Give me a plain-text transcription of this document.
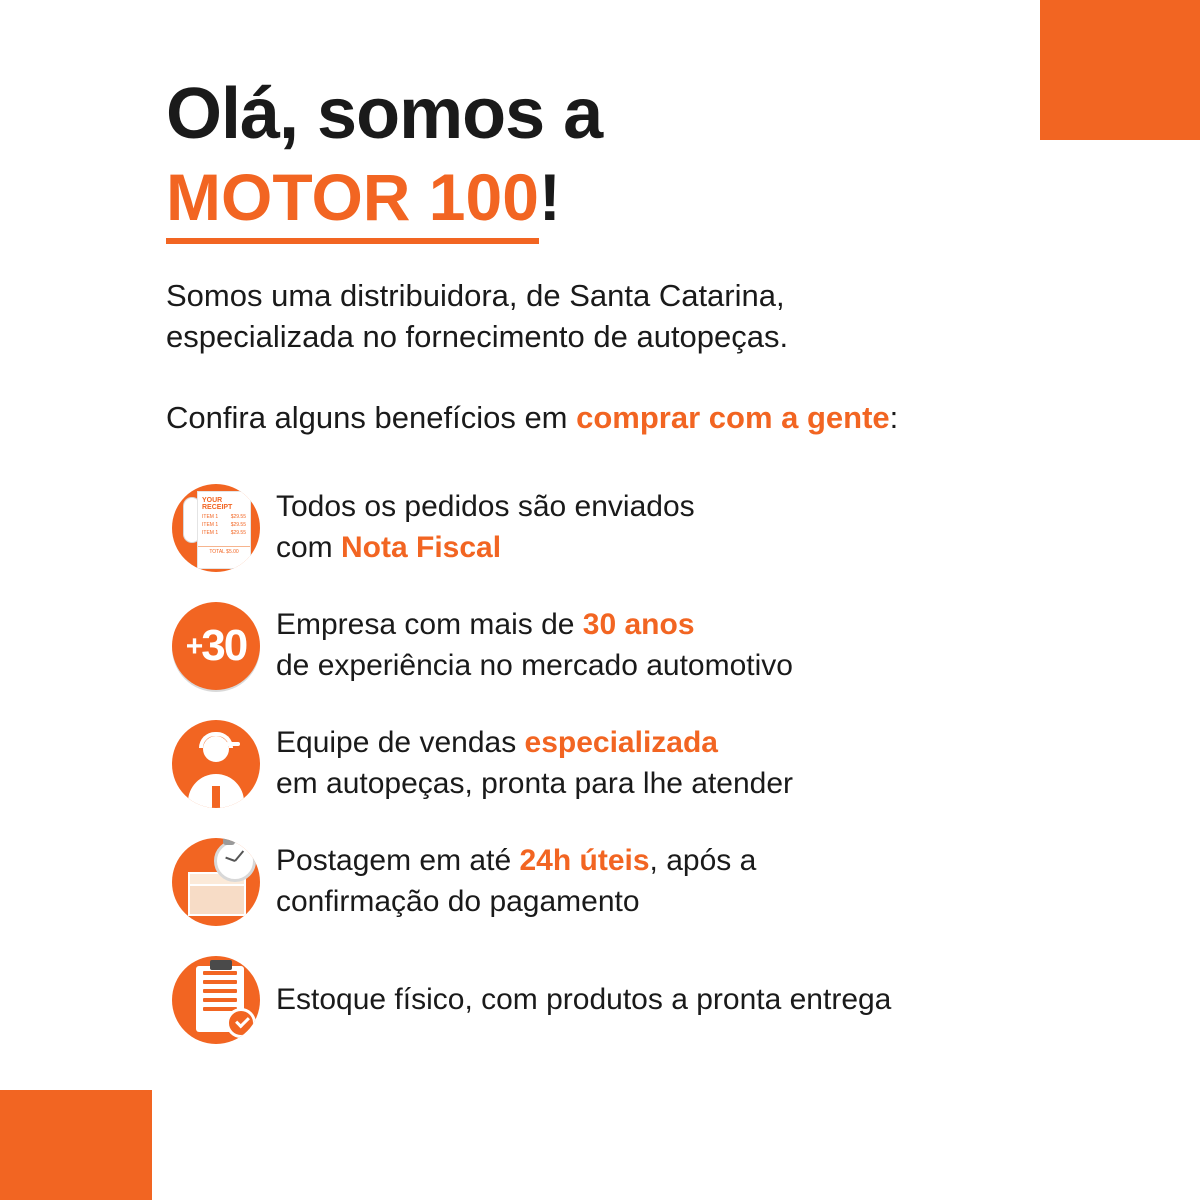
Olá, somos a
MOTOR 100!

Somos uma distribuidora, de Santa Catarina,
especializada no fornecimento de autopeças.

Confira alguns benefícios em comprar com a gente:

YOUR RECEIPT
ITEM 1	$29.55
ITEM 1	$29.55
ITEM 1	$29.55
TOTAL $5.00
Todos os pedidos são enviados
com Nota Fiscal
+30 Empresa com mais de 30 anos
de experiência no mercado automotivo
Equipe de vendas especializada
em autopeças, pronta para lhe atender
Postagem em até 24h úteis, após a
confirmação do pagamento
Estoque físico, com produtos a pronta entrega
